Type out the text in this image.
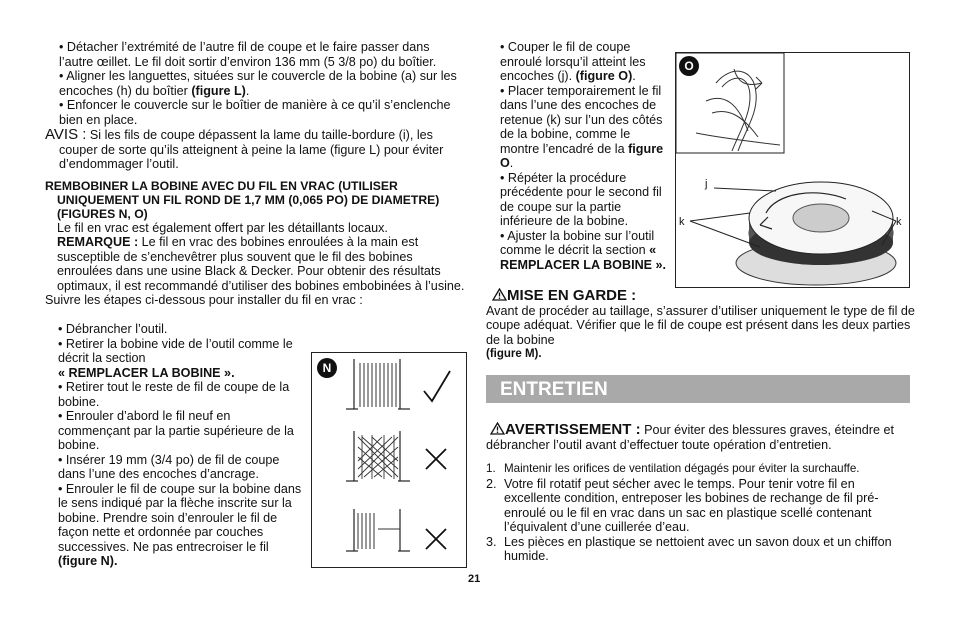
• Détacher l’extrémité de l’autre fil de coupe et le faire passer dans l’autre œillet. Le fil doit sortir d’environ 136 mm (5 3/8 po) du boîtier.

• Aligner les languettes, situées sur le couvercle de la bobine (a) sur les encoches (h) du boîtier (figure L).

• Enfoncer le couvercle sur le boîtier de manière à ce qu’il s’enclenche bien en place.

AVIS : Si les fils de coupe dépassent la lame du taille-bordure (i), les couper de sorte qu’ils atteignent à peine la lame (figure L) pour éviter d’endommager l’outil.

REMBOBINER LA BOBINE AVEC DU FIL EN VRAC (UTILISER UNIQUEMENT UN FIL ROND DE 1,7 MM (0,065 PO) DE DIAMETRE) (FIGURES N, O)

Le fil en vrac est également offert par les détaillants locaux.

REMARQUE : Le fil en vrac des bobines enroulées à la main est susceptible de s’enchevêtrer plus souvent que le fil des bobines enroulées dans une usine Black & Decker. Pour obtenir des résultats optimaux, il est recommandé d’utiliser des bobines embobinées à l’usine.

Suivre les étapes ci-dessous pour installer du fil en vrac :

• Débrancher l’outil.

• Retirer la bobine vide de l’outil comme le décrit la section

« REMPLACER LA BOBINE ».

• Retirer tout le reste de fil de coupe de la bobine.

• Enrouler d’abord le fil neuf en commençant par la partie supérieure de la bobine.

• Insérer 19 mm (3/4 po) de fil de coupe dans l’une des encoches d’ancrage.

• Enrouler le fil de coupe sur la bobine dans le sens indiqué par la flèche inscrite sur la bobine. Prendre soin d’enrouler le fil de façon nette et ordonnée par couches successives. Ne pas entrecroiser le fil (figure N).

N

• Couper le fil de coupe enroulé lorsqu’il atteint les encoches (j). (figure O).

• Placer temporairement le fil dans l’une des encoches de retenue (k) sur l’un des côtés de la bobine, comme le montre l’encadré de la figure O.

• Répéter la procédure précédente pour le second fil de coupe sur la partie inférieure de la bobine.

• Ajuster la bobine sur l’outil comme le décrit la section « REMPLACER LA BOBINE ».

O
j
k	k

MISE EN GARDE :

Avant de procéder au taillage, s’assurer d’utiliser uniquement le type de fil de coupe adéquat. Vérifier que le fil de coupe est présent dans les deux parties de la bobine

(figure M).

ENTRETIEN

AVERTISSEMENT : Pour éviter des blessures graves, éteindre et débrancher l’outil avant d’effectuer toute opération d’entretien.

1. Maintenir les orifices de ventilation dégagés pour éviter la surchauffe.
2. Votre fil rotatif peut sécher avec le temps. Pour tenir votre fil en excellente condition, entreposer les bobines de rechange de fil pré-enroulé ou le fil en vrac dans un sac en plastique scellé contenant l’équivalent d’une cuillerée d’eau.
3. Les pièces en plastique se nettoient avec un savon doux et un chiffon humide.
21
